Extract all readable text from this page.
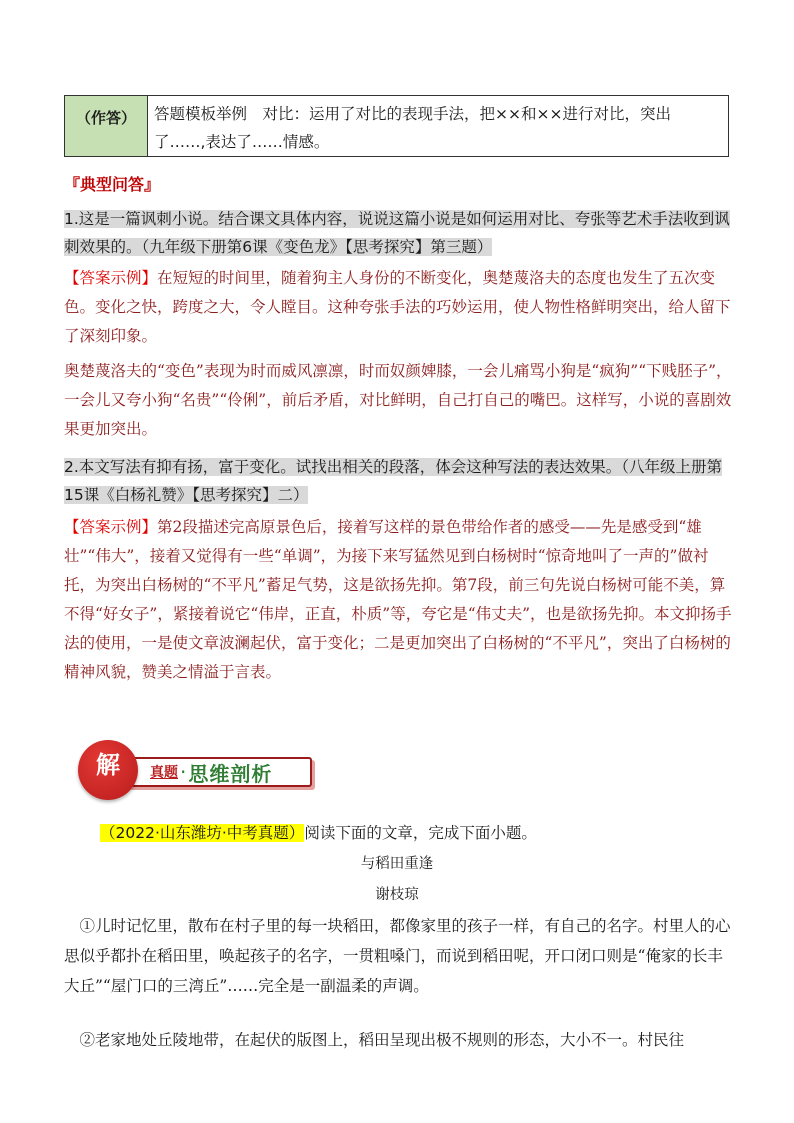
（作答）	答题模板举例　对比：运用了对比的表现手法，把××和××进行对比，突出了……,表达了……情感。
『典型问答』
1.这是一篇讽刺小说。结合课文具体内容，说说这篇小说是如何运用对比、夸张等艺术手法收到讽刺效果的。（九年级下册第6课《变色龙》【思考探究】第三题）
【答案示例】在短短的时间里，随着狗主人身份的不断变化，奥楚蔑洛夫的态度也发生了五次变色。变化之快，跨度之大，令人瞠目。这种夸张手法的巧妙运用，使人物性格鲜明突出，给人留下了深刻印象。
奥楚蔑洛夫的“变色”表现为时而威风凛凛，时而奴颜婢膝，一会儿痛骂小狗是“疯狗”“下贱胚子”，一会儿又夸小狗“名贵”“伶俐”，前后矛盾，对比鲜明，自己打自己的嘴巴。这样写，小说的喜剧效果更加突出。
2.本文写法有抑有扬，富于变化。试找出相关的段落，体会这种写法的表达效果。（八年级上册第15课《白杨礼赞》【思考探究】二）
【答案示例】第2段描述完高原景色后，接着写这样的景色带给作者的感受——先是感受到“雄壮”“伟大”，接着又觉得有一些“单调”，为接下来写猛然见到白杨树时“惊奇地叫了一声的”做衬托，为突出白杨树的“不平凡”蓄足气势，这是欲扬先抑。第7段，前三句先说白杨树可能不美，算不得“好女子”，紧接着说它“伟岸，正直，朴质”等，夸它是“伟丈夫”，也是欲扬先抑。本文抑扬手法的使用，一是使文章波澜起伏，富于变化；二是更加突出了白杨树的“不平凡”，突出了白杨树的精神风貌，赞美之情溢于言表。
解 真题 · 思维剖析
（2022·山东潍坊·中考真题）阅读下面的文章，完成下面小题。
与稻田重逢
谢枝琼
①儿时记忆里，散布在村子里的每一块稻田，都像家里的孩子一样，有自己的名字。村里人的心思似乎都扑在稻田里，唤起孩子的名字，一贯粗嗓门，而说到稻田呢，开口闭口则是“俺家的长丰大丘”“屋门口的三湾丘”……完全是一副温柔的声调。
②老家地处丘陵地带，在起伏的版图上，稻田呈现出极不规则的形态，大小不一。村民往
